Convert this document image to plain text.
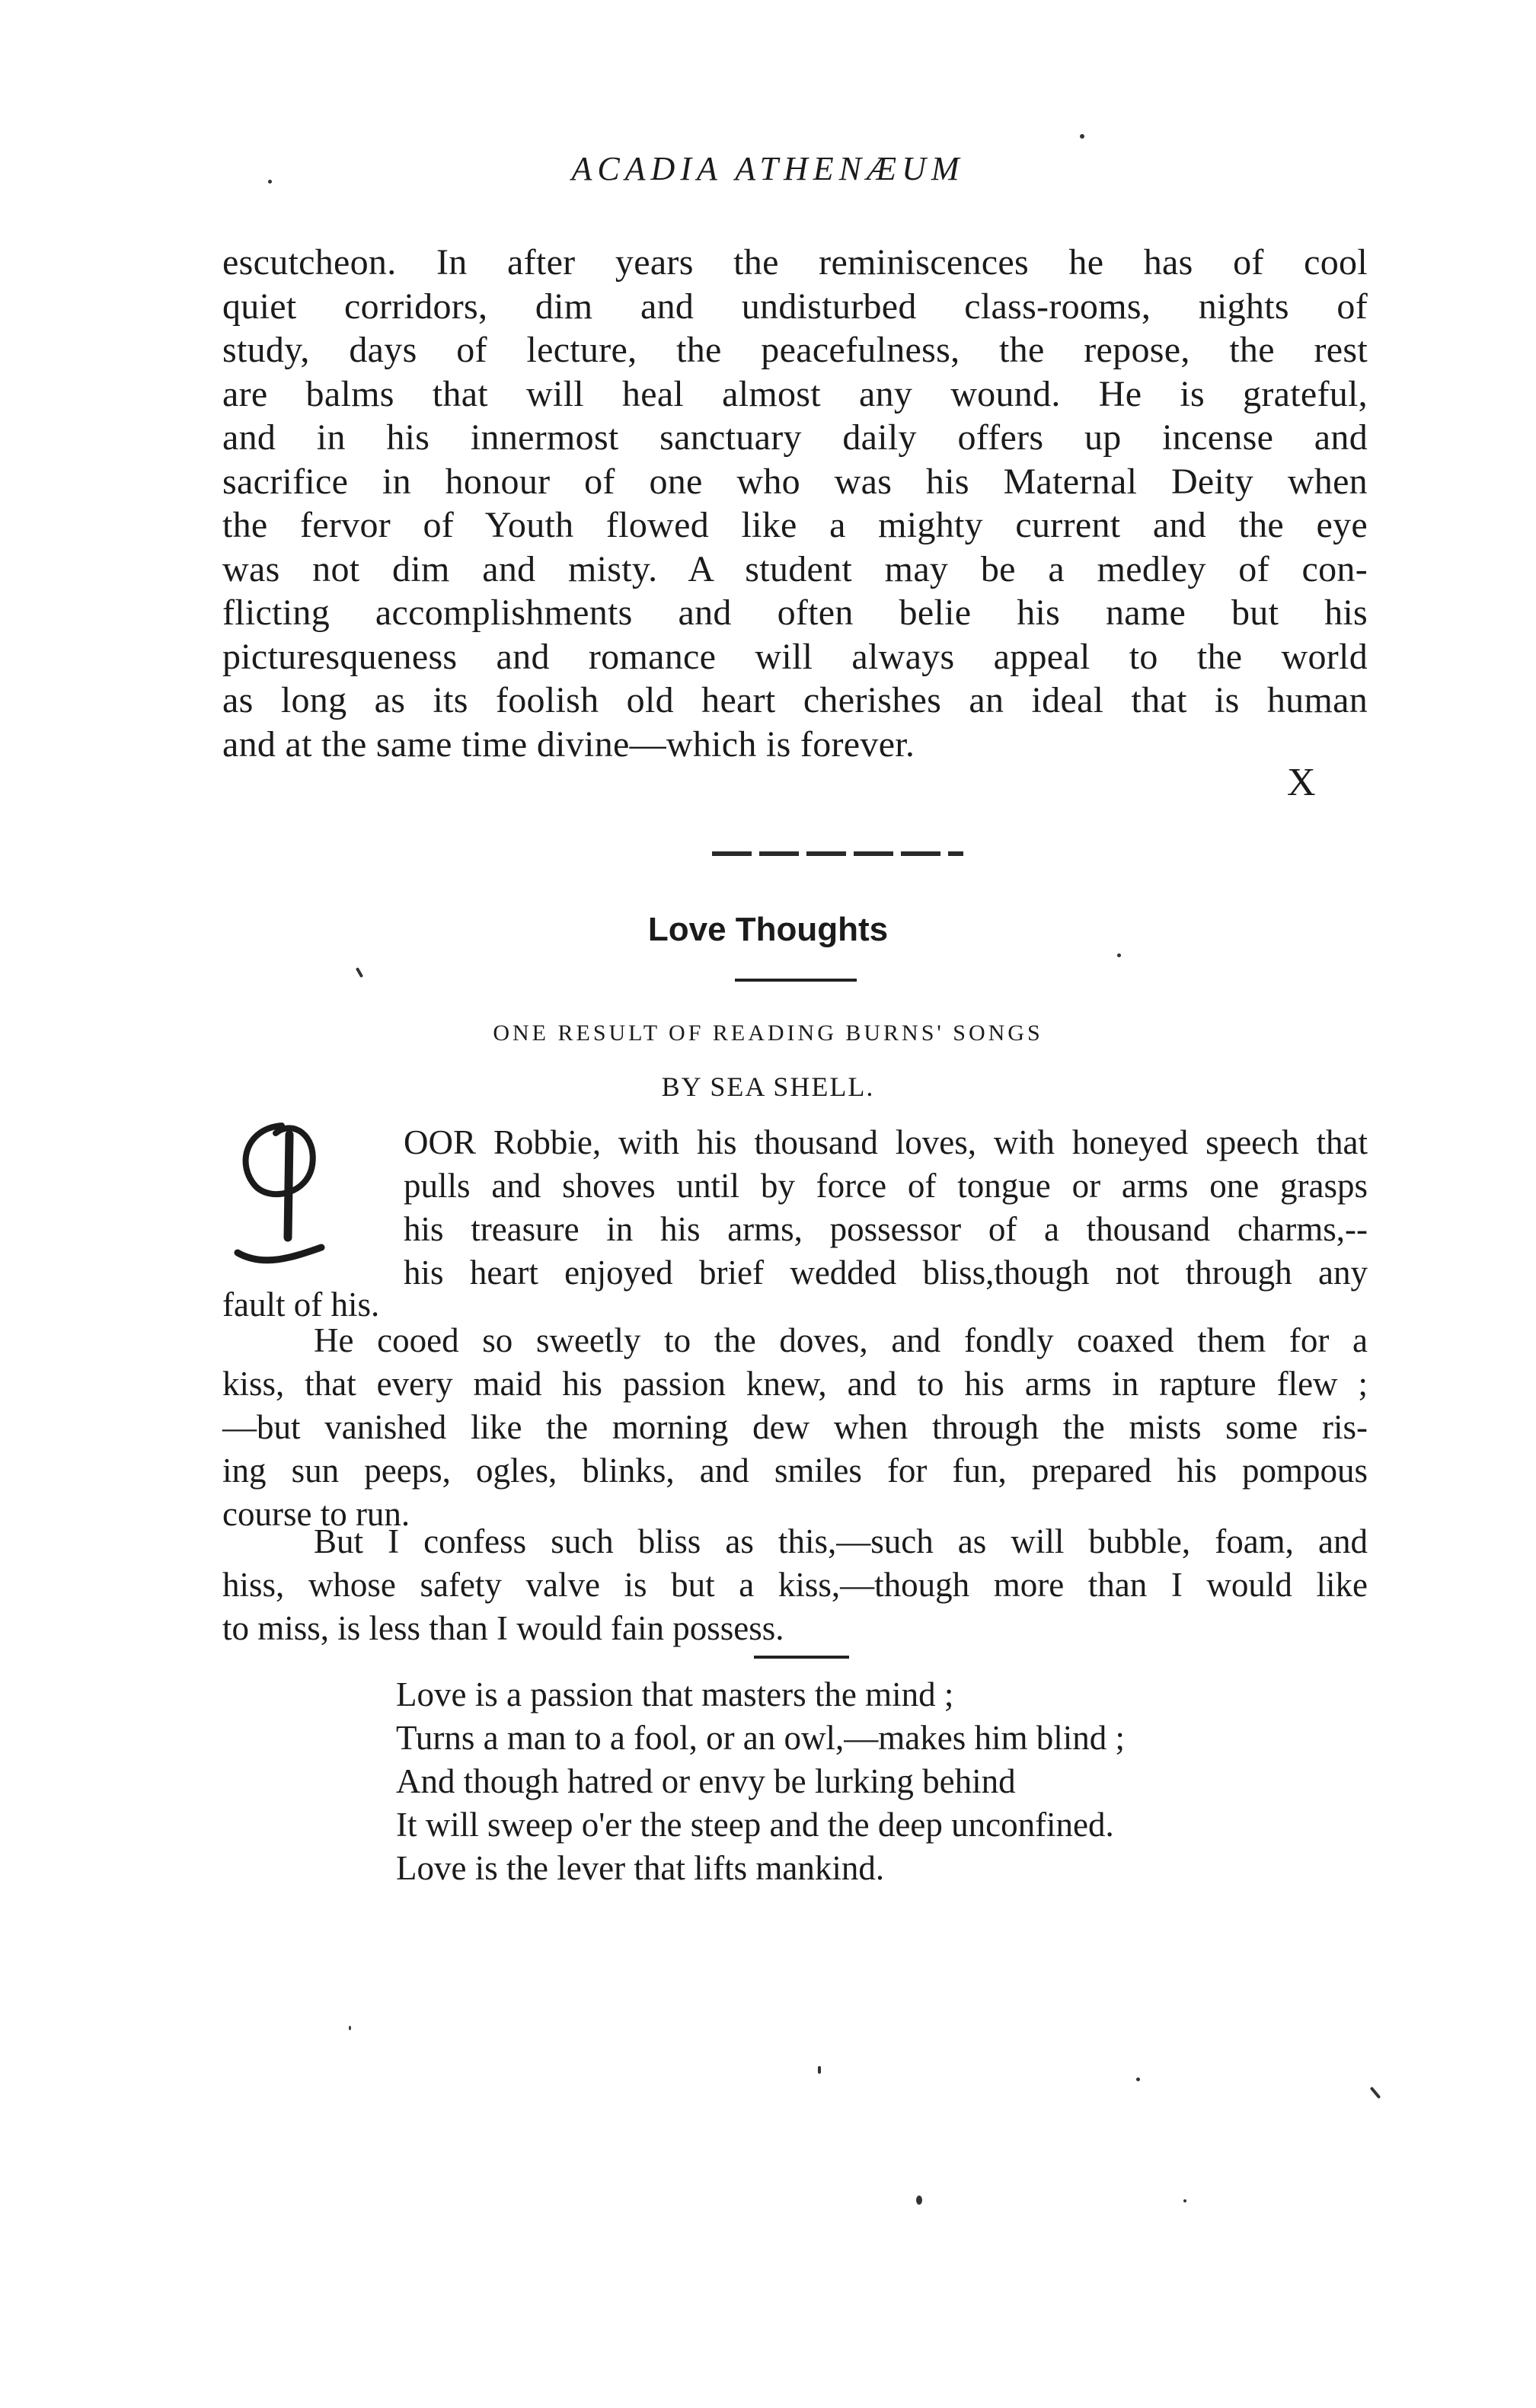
ACADIA ATHENÆUM
escutcheon. In after years the reminiscences he has of cool
quiet corridors, dim and undisturbed class-rooms, nights of
study, days of lecture, the peacefulness, the repose, the rest
are balms that will heal almost any wound. He is grateful,
and in his innermost sanctuary daily offers up incense and
sacrifice in honour of one who was his Maternal Deity when
the fervor of Youth flowed like a mighty current and the eye
was not dim and misty. A student may be a medley of con-
flicting accomplishments and often belie his name but his
picturesqueness and romance will always appeal to the world
as long as its foolish old heart cherishes an ideal that is human
and at the same time divine—which is forever.
X
Love Thoughts
ONE RESULT OF READING BURNS' SONGS
BY SEA SHELL.
OOR Robbie, with his thousand loves, with honeyed speech that
pulls and shoves until by force of tongue or arms one grasps
his treasure in his arms, possessor of a thousand charms,--
his heart enjoyed brief wedded bliss,though not through any
fault of his.
He cooed so sweetly to the doves, and fondly coaxed them for a
kiss, that every maid his passion knew, and to his arms in rapture flew ;
—but vanished like the morning dew when through the mists some ris-
ing sun peeps, ogles, blinks, and smiles for fun, prepared his pompous
course to run.
But I confess such bliss as this,—such as will bubble, foam, and
hiss, whose safety valve is but a kiss,—though more than I would like
to miss, is less than I would fain possess.
Love is a passion that masters the mind ;
Turns a man to a fool, or an owl,—makes him blind ;
And though hatred or envy be lurking behind
It will sweep o'er the steep and the deep unconfined.
Love is the lever that lifts mankind.
